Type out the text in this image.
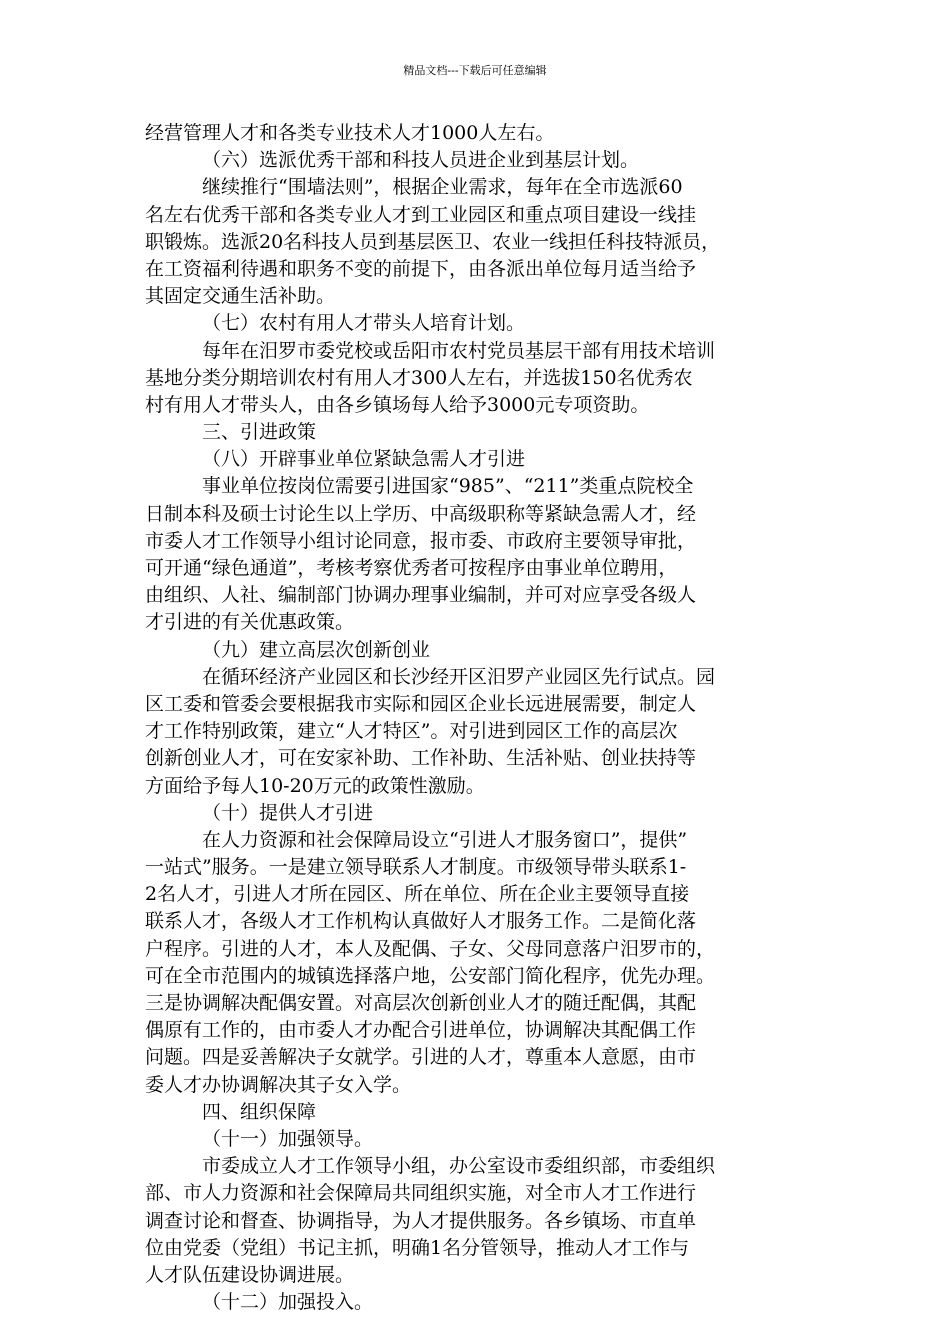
精品文档---下载后可任意编辑
经营管理人才和各类专业技术人才1000人左右。
（六）选派优秀干部和科技人员进企业到基层计划。
继续推行“围墙法则”，根据企业需求，每年在全市选派60
名左右优秀干部和各类专业人才到工业园区和重点项目建设一线挂
职锻炼。选派20名科技人员到基层医卫、农业一线担任科技特派员，
在工资福利待遇和职务不变的前提下，由各派出单位每月适当给予
其固定交通生活补助。
（七）农村有用人才带头人培育计划。
每年在汨罗市委党校或岳阳市农村党员基层干部有用技术培训
基地分类分期培训农村有用人才300人左右，并选拔150名优秀农
村有用人才带头人，由各乡镇场每人给予3000元专项资助。
三、引进政策
（八）开辟事业单位紧缺急需人才引进
事业单位按岗位需要引进国家“985”、“211”类重点院校全
日制本科及硕士讨论生以上学历、中高级职称等紧缺急需人才，经
市委人才工作领导小组讨论同意，报市委、市政府主要领导审批，
可开通“绿色通道”，考核考察优秀者可按程序由事业单位聘用，
由组织、人社、编制部门协调办理事业编制，并可对应享受各级人
才引进的有关优惠政策。
（九）建立高层次创新创业
在循环经济产业园区和长沙经开区汨罗产业园区先行试点。园
区工委和管委会要根据我市实际和园区企业长远进展需要，制定人
才工作特别政策，建立“人才特区”。对引进到园区工作的高层次
创新创业人才，可在安家补助、工作补助、生活补贴、创业扶持等
方面给予每人10-20万元的政策性激励。
（十）提供人才引进
在人力资源和社会保障局设立“引进人才服务窗口”，提供”
一站式”服务。一是建立领导联系人才制度。市级领导带头联系1-
2名人才，引进人才所在园区、所在单位、所在企业主要领导直接
联系人才，各级人才工作机构认真做好人才服务工作。二是简化落
户程序。引进的人才，本人及配偶、子女、父母同意落户汨罗市的，
可在全市范围内的城镇选择落户地，公安部门简化程序，优先办理。
三是协调解决配偶安置。对高层次创新创业人才的随迁配偶，其配
偶原有工作的，由市委人才办配合引进单位，协调解决其配偶工作
问题。四是妥善解决子女就学。引进的人才，尊重本人意愿，由市
委人才办协调解决其子女入学。
四、组织保障
（十一）加强领导。
市委成立人才工作领导小组，办公室设市委组织部，市委组织
部、市人力资源和社会保障局共同组织实施，对全市人才工作进行
调查讨论和督查、协调指导，为人才提供服务。各乡镇场、市直单
位由党委（党组）书记主抓，明确1名分管领导，推动人才工作与
人才队伍建设协调进展。
（十二）加强投入。
